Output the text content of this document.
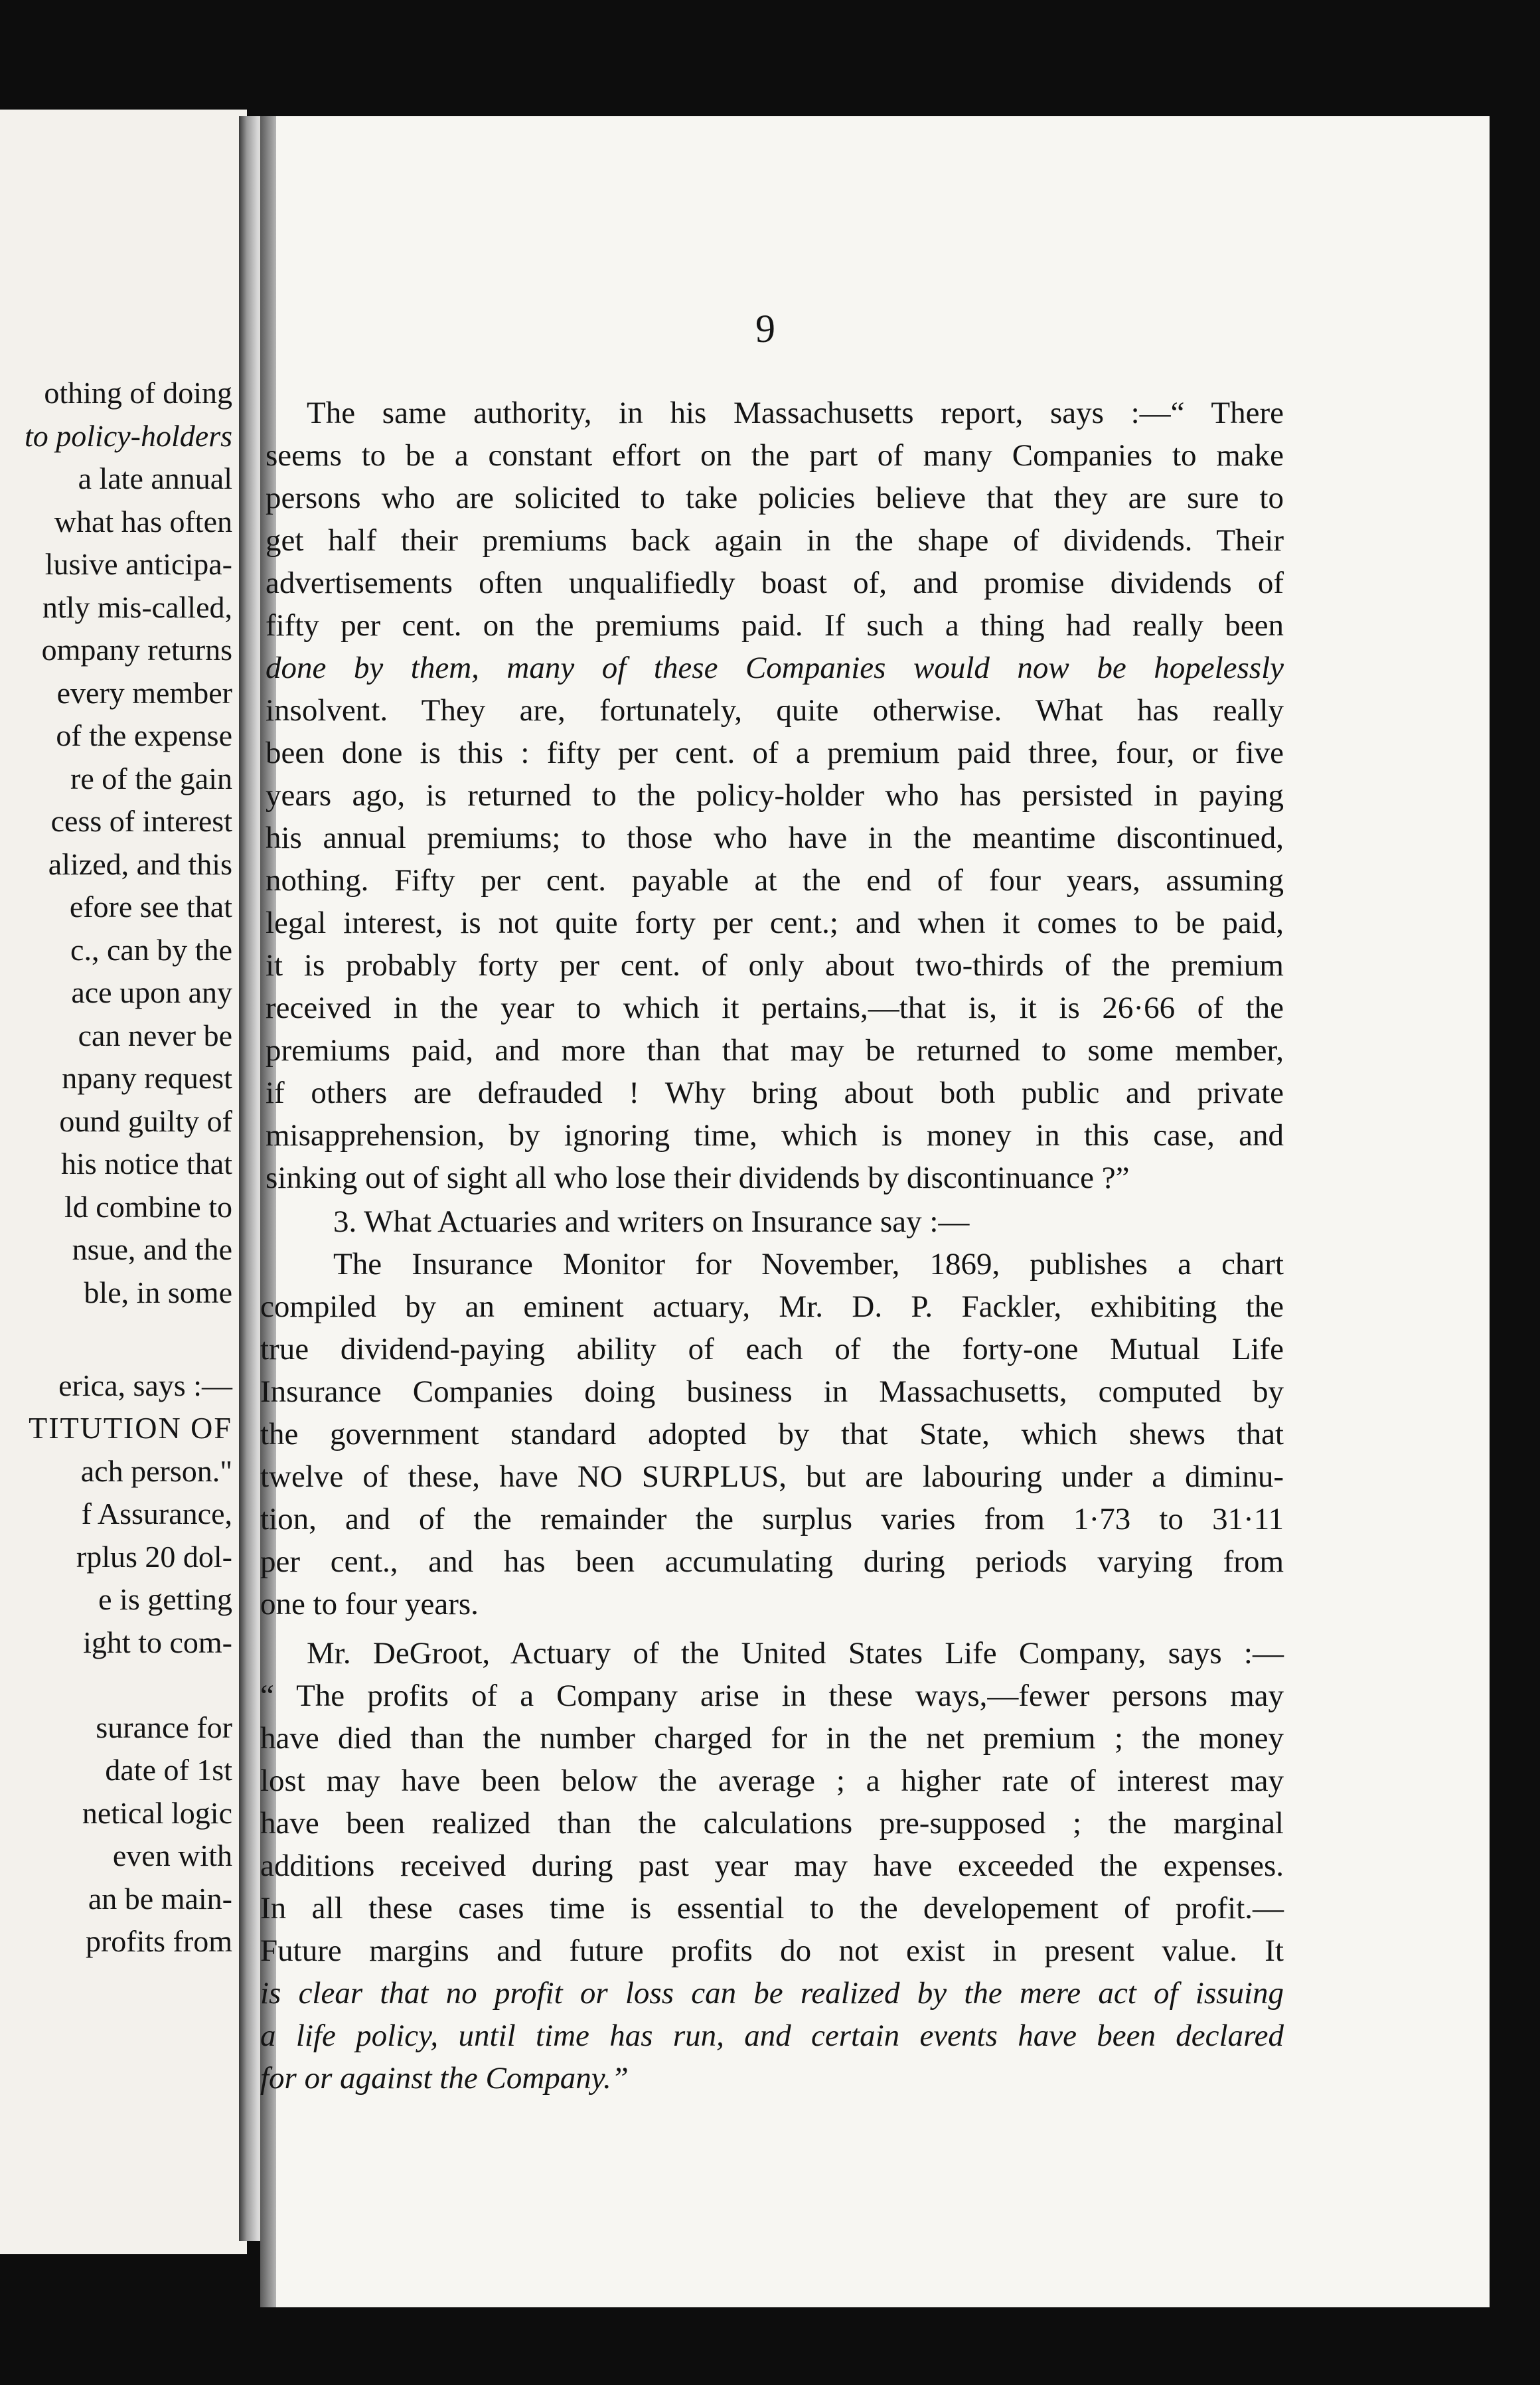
othing of doing
to policy-holders
a late annual
what has often
lusive anticipa-
ntly mis-called,
ompany returns
every member
of the expense
re of the gain
cess of interest
alized, and this
efore see that
c., can by the
ace upon any
can never be
npany request
ound guilty of
his notice that
ld combine to
nsue, and the
ble, in some
erica, says :—
TITUTION OF
ach person."
f Assurance,
rplus 20 dol-
e is getting
ight to com-
surance for
date of 1st
netical logic
even with
an be main-
profits from
9
The same authority, in his Massachusetts report, says :—“ There
seems to be a constant effort on the part of many Companies to make
persons who are solicited to take policies believe that they are sure to
get half their premiums back again in the shape of dividends. Their
advertisements often unqualifiedly boast of, and promise dividends of
fifty per cent. on the premiums paid. If such a thing had really been
done by them, many of these Companies would now be hopelessly
insolvent. They are, fortunately, quite otherwise. What has really
been done is this : fifty per cent. of a premium paid three, four, or five
years ago, is returned to the policy-holder who has persisted in paying
his annual premiums; to those who have in the meantime discontinued,
nothing. Fifty per cent. payable at the end of four years, assuming
legal interest, is not quite forty per cent.; and when it comes to be paid,
it is probably forty per cent. of only about two-thirds of the premium
received in the year to which it pertains,—that is, it is 26·66 of the
premiums paid, and more than that may be returned to some member,
if others are defrauded ! Why bring about both public and private
misapprehension, by ignoring time, which is money in this case, and
sinking out of sight all who lose their dividends by discontinuance ?”
3. What Actuaries and writers on Insurance say :—
The Insurance Monitor for November, 1869, publishes a chart
compiled by an eminent actuary, Mr. D. P. Fackler, exhibiting the
true dividend-paying ability of each of the forty-one Mutual Life
Insurance Companies doing business in Massachusetts, computed by
the government standard adopted by that State, which shews that
twelve of these, have NO SURPLUS, but are labouring under a diminu-
tion, and of the remainder the surplus varies from 1·73 to 31·11
per cent., and has been accumulating during periods varying from
one to four years.
Mr. DeGroot, Actuary of the United States Life Company, says :—
“ The profits of a Company arise in these ways,—fewer persons may
have died than the number charged for in the net premium ; the money
lost may have been below the average ; a higher rate of interest may
have been realized than the calculations pre-supposed ; the marginal
additions received during past year may have exceeded the expenses.
In all these cases time is essential to the developement of profit.—
Future margins and future profits do not exist in present value. It
is clear that no profit or loss can be realized by the mere act of issuing
a life policy, until time has run, and certain events have been declared
for or against the Company.”
